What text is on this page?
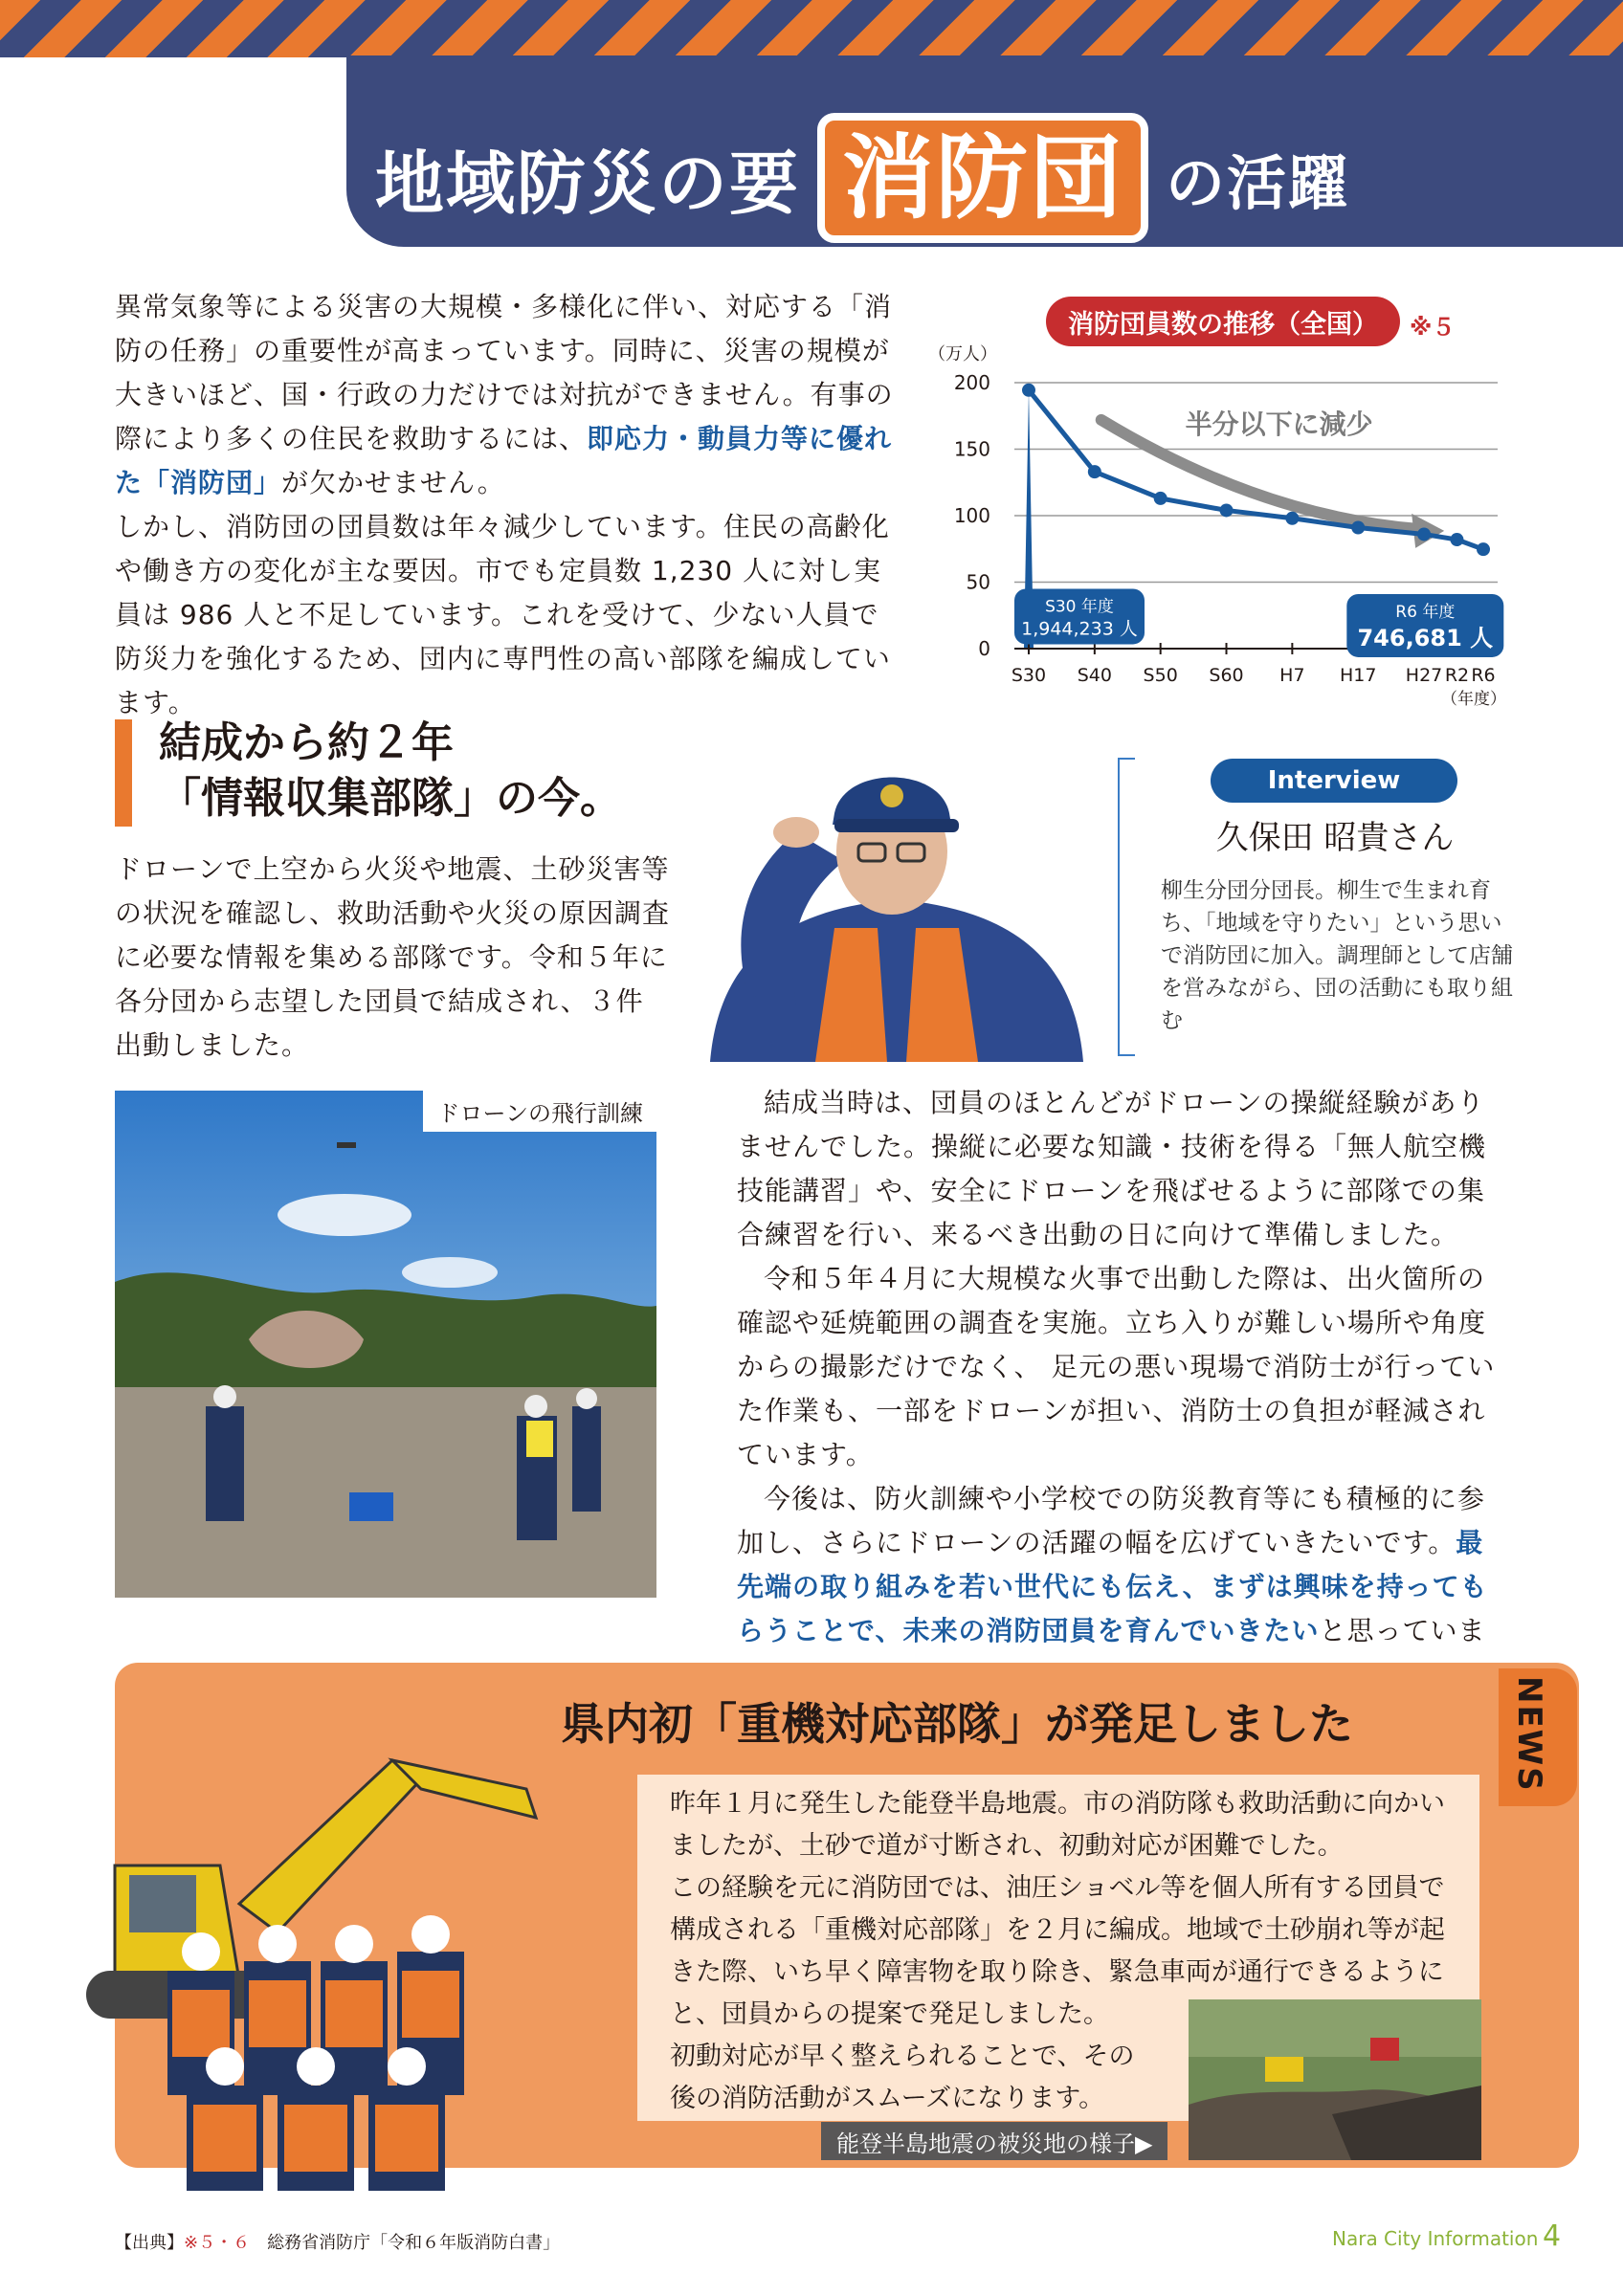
地域防災の要 消防団 の活躍

異常気象等による災害の大規模・多様化に伴い、対応する「消防の任務」の重要性が高まっています。同時に、災害の規模が大きいほど、国・行政の力だけでは対抗ができません。有事の際により多くの住民を救助するには、即応力・動員力等に優れた「消防団」が欠かせません。

しかし、消防団の団員数は年々減少しています。住民の高齢化や働き方の変化が主な要因。市でも定員数 1,230 人に対し実員は 986 人と不足しています。これを受けて、少ない人員で防災力を強化するため、団内に専門性の高い部隊を編成しています。

0
50
100
150
200
（万人）
S30 S40 S50 S60 H7 H17 H27 R2 R6
（年度）
半分以下に減少
S30 年度
1,944,233 人
R6 年度
746,681 人
消防団員数の推移（全国）	※５
結成から約２年
「情報収集部隊」の今。

ドローンで上空から火災や地震、土砂災害等の状況を確認し、救助活動や火災の原因調査に必要な情報を集める部隊です。令和５年に各分団から志望した団員で結成され、３件出動しました。

Interview
久保田 昭貴さん

柳生分団分団長。柳生で生まれ育ち、「地域を守りたい」という思いで消防団に加入。調理師として店舗を営みながら、団の活動にも取り組む

ドローンの飛行訓練	結成当時は、団員のほとんどがドローンの操縦経験がありませんでした。操縦に必要な知識・技術を得る「無人航空機技能講習」や、安全にドローンを飛ばせるように部隊での集合練習を行い、来るべき出動の日に向けて準備しました。

令和５年４月に大規模な火事で出動した際は、出火箇所の確認や延焼範囲の調査を実施。立ち入りが難しい場所や角度からの撮影だけでなく、 足元の悪い現場で消防士が行っていた作業も、一部をドローンが担い、消防士の負担が軽減されています。

今後は、防火訓練や小学校での防災教育等にも積極的に参加し、さらにドローンの活躍の幅を広げていきたいです。最先端の取り組みを若い世代にも伝え、まずは興味を持ってもらうことで、未来の消防団員を育んでいきたいと思っていま

NEWS
県内初「重機対応部隊」が発足しました

昨年１月に発生した能登半島地震。市の消防隊も救助活動に向かいましたが、土砂で道が寸断され、初動対応が困難でした。

この経験を元に消防団では、油圧ショベル等を個人所有する団員で構成される「重機対応部隊」を２月に編成。地域で土砂崩れ等が起きた際、いち早く障害物を取り除き、緊急車両が通行できるようにと、団員からの提案で発足しました。

初動対応が早く整えられることで、その後の消防活動がスムーズになります。

能登半島地震の被災地の様子▶
【出典】※５・６　 総務省消防庁「令和６年版消防白書」	Nara City Information 4
